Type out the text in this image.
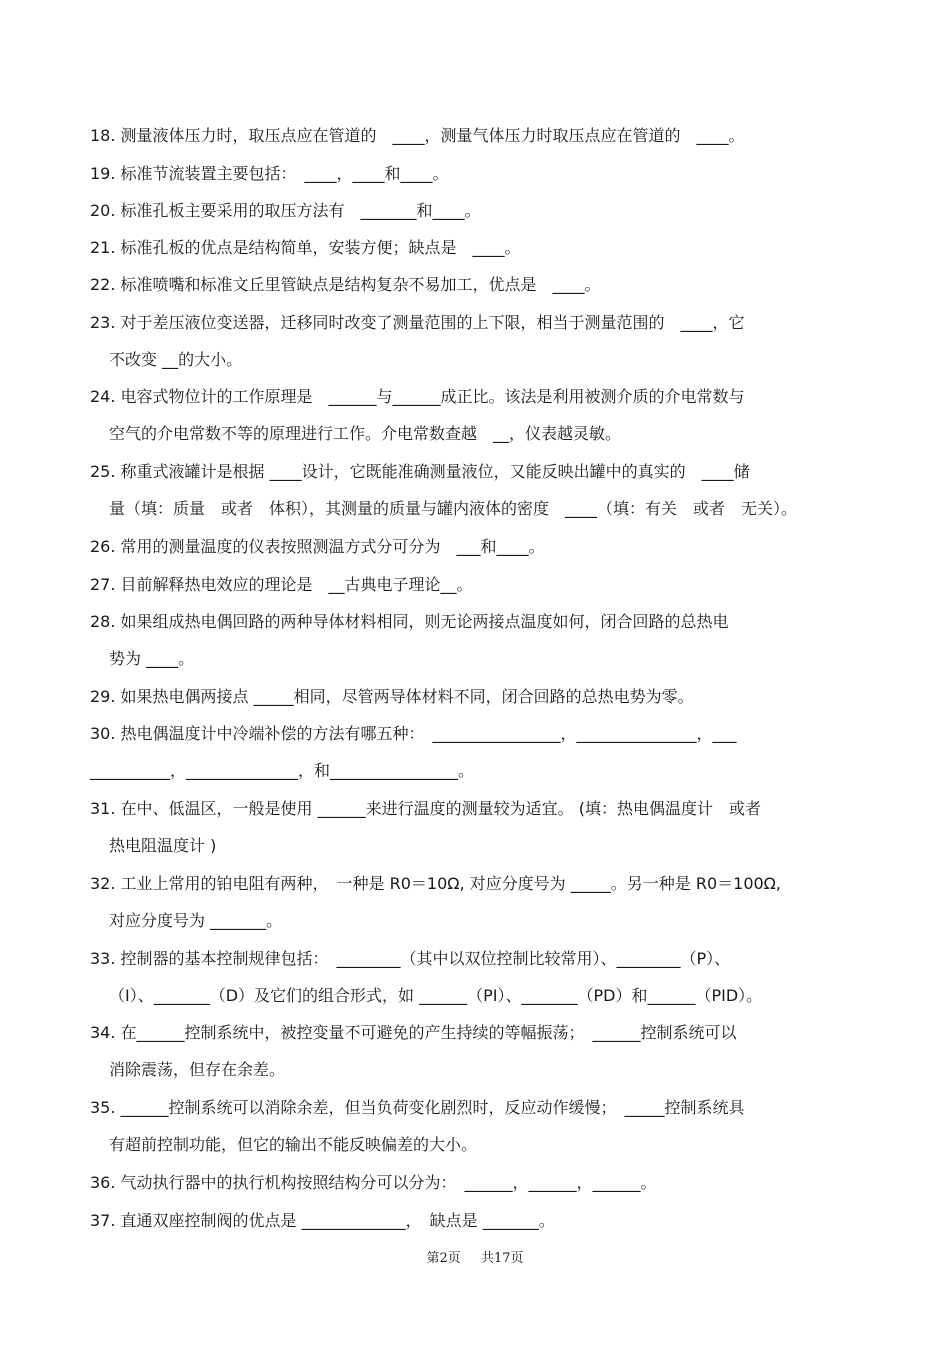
18. 测量液体压力时，取压点应在管道的　____，测量气体压力时取压点应在管道的　____。
19. 标准节流装置主要包括：　____，____和____。
20. 标准孔板主要采用的取压方法有　_______和____。
21. 标准孔板的优点是结构简单，安装方便；缺点是　____。
22. 标准喷嘴和标准文丘里管缺点是结构复杂不易加工，优点是　____。
23. 对于差压液位变送器，迁移同时改变了测量范围的上下限，相当于测量范围的　____，它
不改变 __的大小。
24. 电容式物位计的工作原理是　______与______成正比。该法是利用被测介质的介电常数与
空气的介电常数不等的原理进行工作。介电常数查越　__，仪表越灵敏。
25. 称重式液罐计是根据 ____设计，它既能准确测量液位，又能反映出罐中的真实的　____储
量（填：质量　或者　体积），其测量的质量与罐内液体的密度　____（填：有关　或者　无关）。
26. 常用的测量温度的仪表按照测温方式分可分为　___和____。
27. 目前解释热电效应的理论是　__古典电子理论__。
28. 如果组成热电偶回路的两种导体材料相同，则无论两接点温度如何，闭合回路的总热电
势为 ____。
29. 如果热电偶两接点 _____相同，尽管两导体材料不同，闭合回路的总热电势为零。
30. 热电偶温度计中冷端补偿的方法有哪五种：　________________，_______________，___
__________，______________，和________________。
31. 在中、低温区，一般是使用 ______来进行温度的测量较为适宜。 (填：热电偶温度计　或者
热电阻温度计 )
32. 工业上常用的铂电阻有两种，　一种是 R0＝10Ω, 对应分度号为 _____。另一种是 R0＝100Ω,
对应分度号为 _______。
33. 控制器的基本控制规律包括：　________（其中以双位控制比较常用）、________（P）、
（I）、_______（D）及它们的组合形式，如 ______（PI）、_______（PD）和______（PID）。
34. 在______控制系统中，被控变量不可避免的产生持续的等幅振荡；　______控制系统可以
消除震荡，但存在余差。
35. ______控制系统可以消除余差，但当负荷变化剧烈时，反应动作缓慢；　_____控制系统具
有超前控制功能，但它的输出不能反映偏差的大小。
36. 气动执行器中的执行机构按照结构分可以分为：　______，______，______。
37. 直通双座控制阀的优点是 _____________，　缺点是 _______。
第2页 共17页
